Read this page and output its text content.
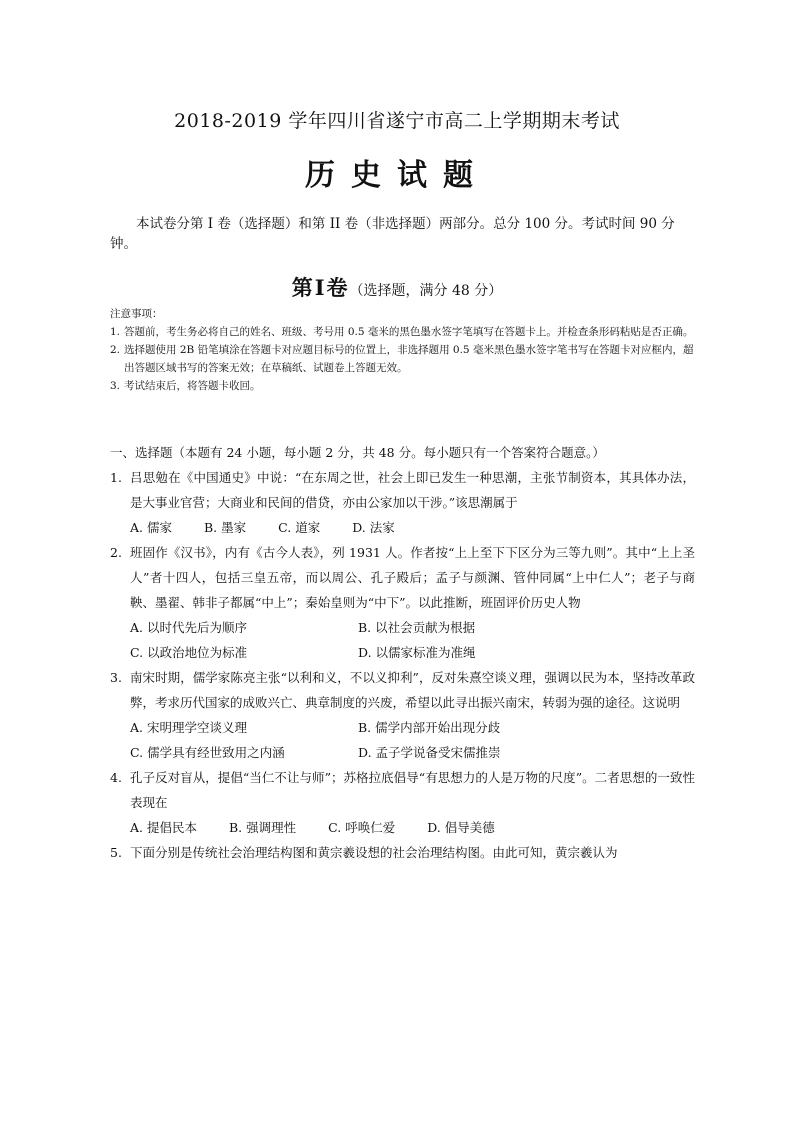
2018-2019 学年四川省遂宁市高二上学期期末考试
历史试题
本试卷分第 I 卷（选择题）和第 II 卷（非选择题）两部分。总分 100 分。考试时间 90 分钟。
第Ⅰ卷（选择题，满分 48 分）
注意事项：
1. 答题前，考生务必将自己的姓名、班级、考号用 0.5 毫米的黑色墨水签字笔填写在答题卡上。并检查条形码粘贴是否正确。
2. 选择题使用 2B 铅笔填涂在答题卡对应题目标号的位置上，非选择题用 0.5 毫米黑色墨水签字笔书写在答题卡对应框内，超出答题区域书写的答案无效；在草稿纸、试题卷上答题无效。
3. 考试结束后，将答题卡收回。
一、选择题（本题有 24 小题，每小题 2 分，共 48 分。每小题只有一个答案符合题意。）
1. 吕思勉在《中国通史》中说：“在东周之世，社会上即已发生一种思潮，主张节制资本，其具体办法，是大事业官营；大商业和民间的借贷，亦由公家加以干涉。”该思潮属于
A. 儒家	B. 墨家	C. 道家	D. 法家
2. 班固作《汉书》，内有《古今人表》，列 1931 人。作者按“上上至下下区分为三等九则”。其中“上上圣人”者十四人，包括三皇五帝，而以周公、孔子殿后；孟子与颜渊、管仲同属“上中仁人”；老子与商鞅、墨翟、韩非子都属“中上”；秦始皇则为“中下”。以此推断，班固评价历史人物
A. 以时代先后为顺序	B. 以社会贡献为根据
C. 以政治地位为标准	D. 以儒家标准为准绳
3. 南宋时期，儒学家陈亮主张“以利和义，不以义抑利”，反对朱熹空谈义理，强调以民为本，坚持改革政弊，考求历代国家的成败兴亡、典章制度的兴废，希望以此寻出振兴南宋，转弱为强的途径。这说明
A. 宋明理学空谈义理	B. 儒学内部开始出现分歧
C. 儒学具有经世致用之内涵	D. 孟子学说备受宋儒推崇
4. 孔子反对盲从，提倡“当仁不让与师”；苏格拉底倡导“有思想力的人是万物的尺度”。二者思想的一致性表现在
A. 提倡民本	B. 强调理性	C. 呼唤仁爱	D. 倡导美德
5. 下面分别是传统社会治理结构图和黄宗羲设想的社会治理结构图。由此可知，黄宗羲认为
